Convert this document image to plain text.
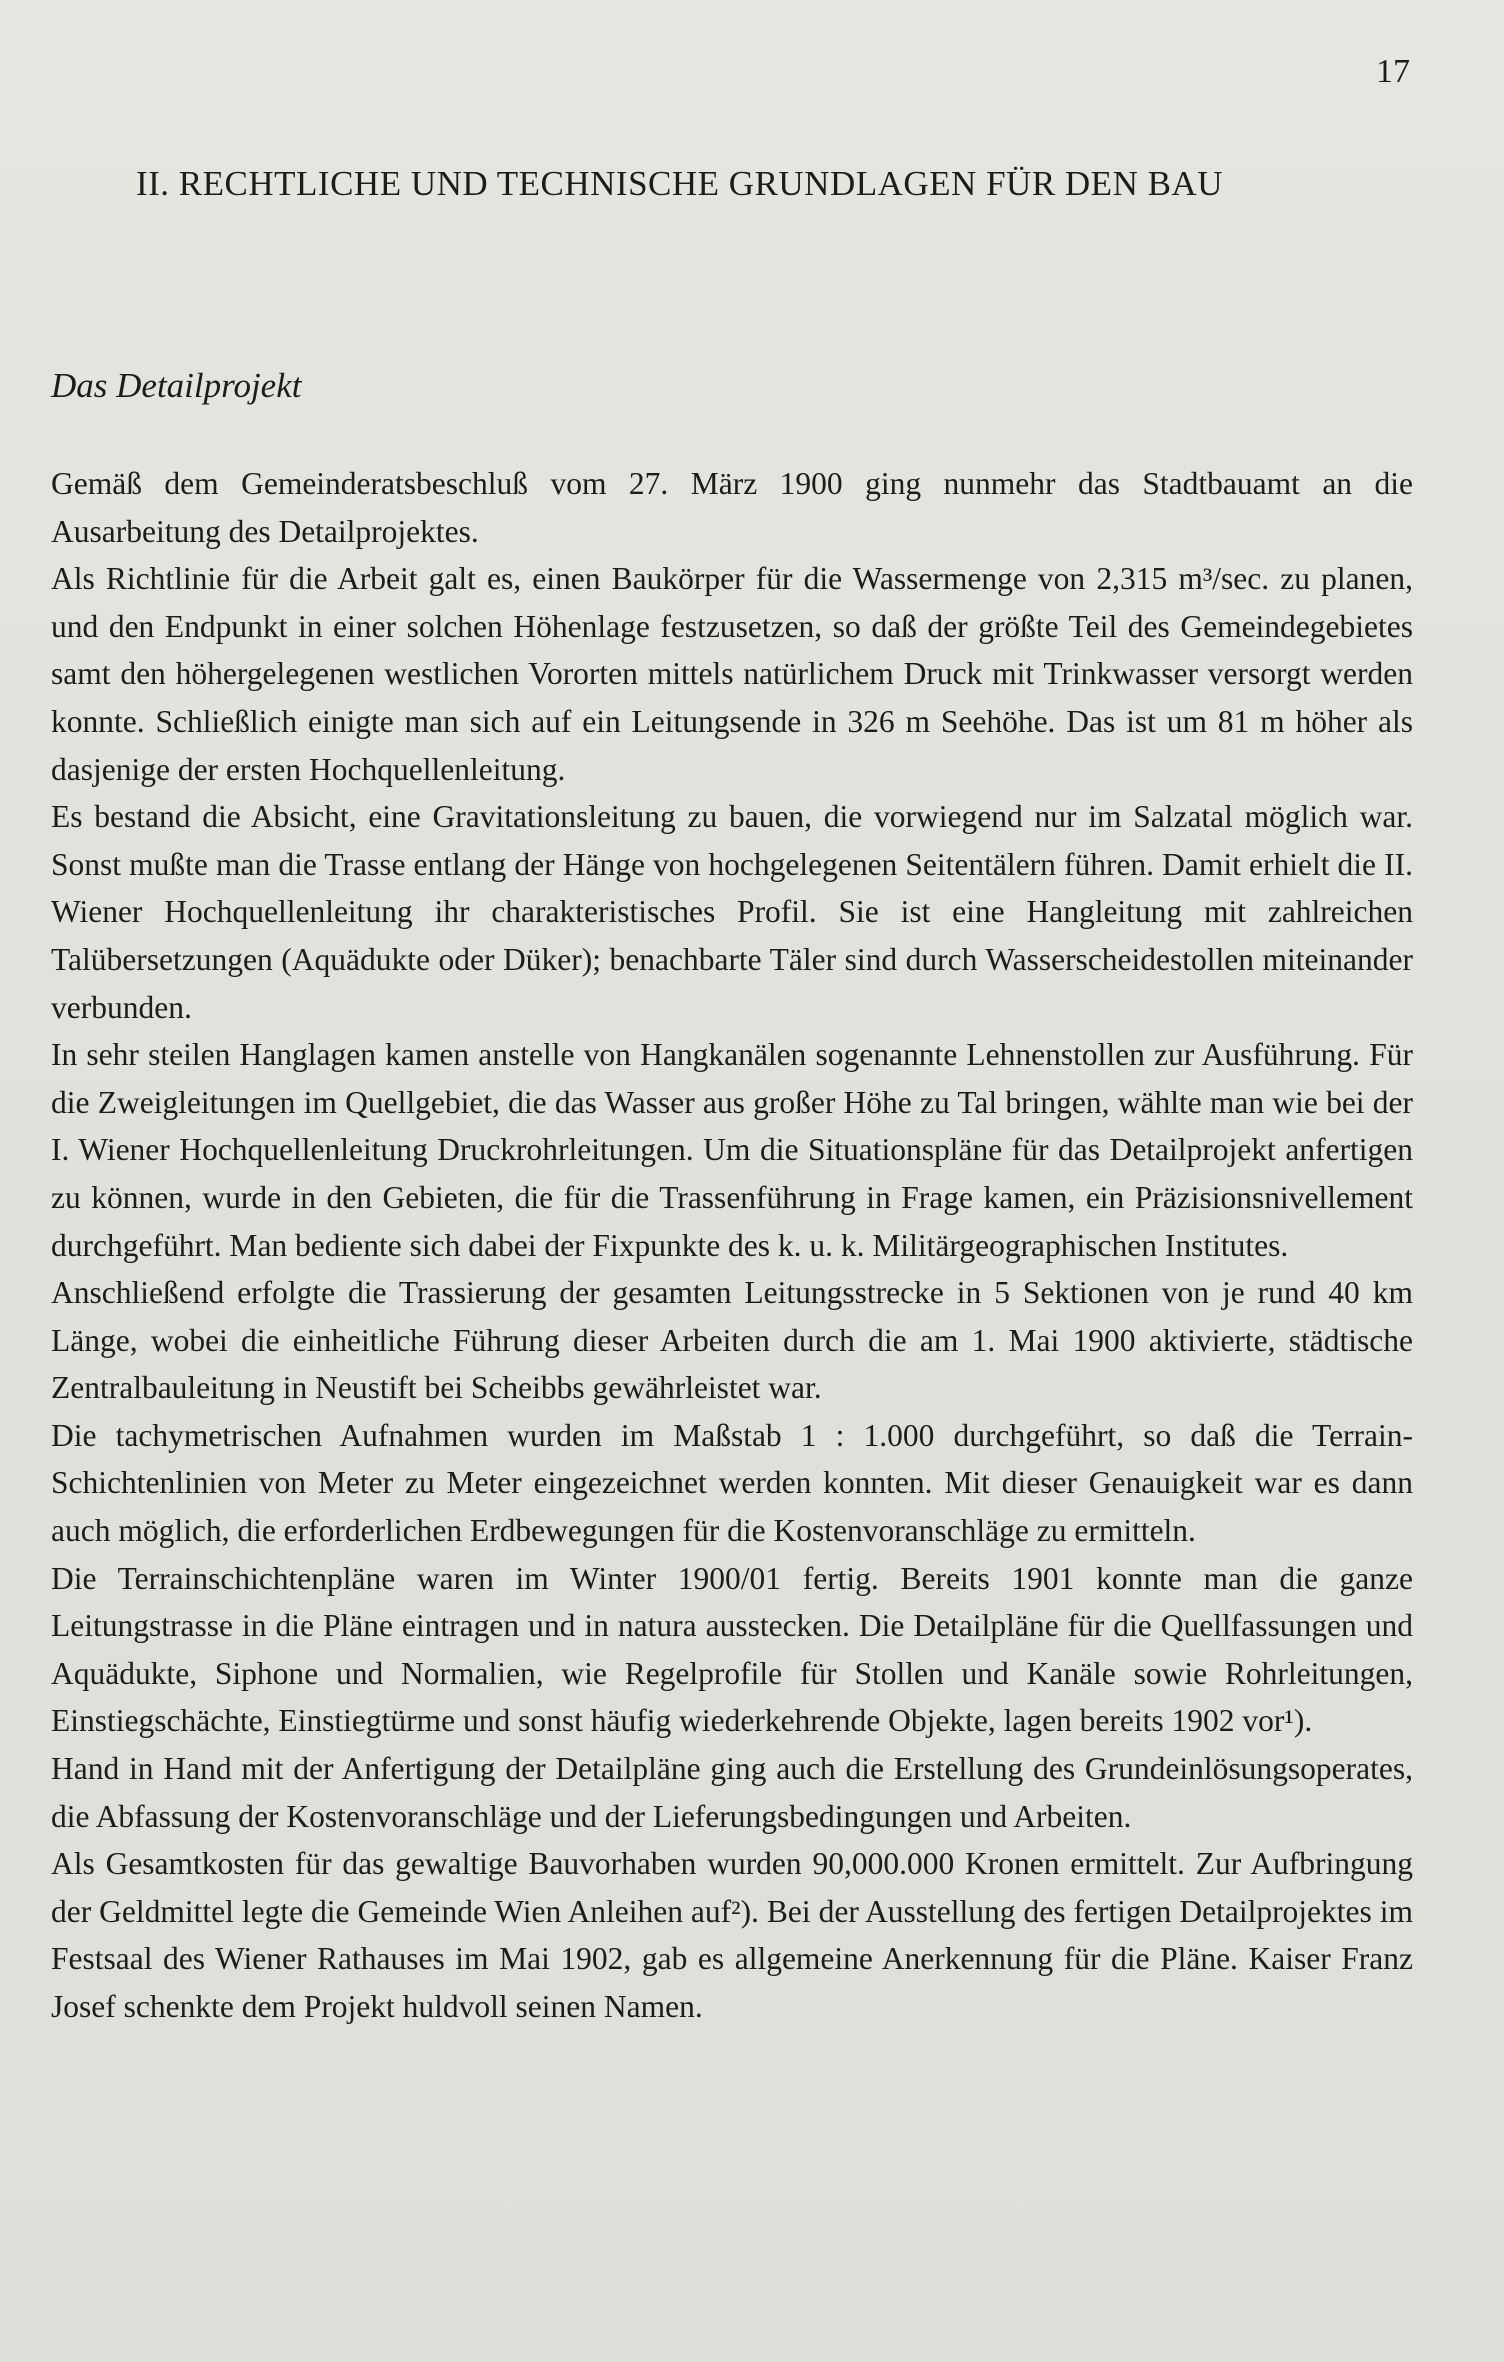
17

II. RECHTLICHE UND TECHNISCHE GRUNDLAGEN FÜR DEN BAU
Das Detailprojekt

Gemäß dem Gemeinderatsbeschluß vom 27. März 1900 ging nunmehr das Stadtbauamt an die Ausarbeitung des Detailprojektes.

Als Richtlinie für die Arbeit galt es, einen Baukörper für die Wassermenge von 2,315 m³/sec. zu planen, und den Endpunkt in einer solchen Höhenlage festzusetzen, so daß der größte Teil des Gemeindegebietes samt den höhergelegenen westlichen Vororten mittels natürlichem Druck mit Trinkwasser versorgt werden konnte. Schließlich einigte man sich auf ein Leitungsende in 326 m Seehöhe. Das ist um 81 m höher als dasjenige der ersten Hochquellenleitung.

Es bestand die Absicht, eine Gravitationsleitung zu bauen, die vorwiegend nur im Salzatal möglich war. Sonst mußte man die Trasse entlang der Hänge von hochgelegenen Seitentälern führen. Damit erhielt die II. Wiener Hochquellenleitung ihr charakteristisches Profil. Sie ist eine Hangleitung mit zahlreichen Talübersetzungen (Aquädukte oder Düker); benachbarte Täler sind durch Wasserscheidestollen miteinander verbunden.

In sehr steilen Hanglagen kamen anstelle von Hangkanälen sogenannte Lehnenstollen zur Ausführung. Für die Zweigleitungen im Quellgebiet, die das Wasser aus großer Höhe zu Tal bringen, wählte man wie bei der I. Wiener Hochquellenleitung Druckrohrleitungen. Um die Situationspläne für das Detailprojekt anfertigen zu können, wurde in den Gebieten, die für die Trassenführung in Frage kamen, ein Präzisionsnivellement durchgeführt. Man bediente sich dabei der Fixpunkte des k. u. k. Militärgeographischen Institutes.

Anschließend erfolgte die Trassierung der gesamten Leitungsstrecke in 5 Sektionen von je rund 40 km Länge, wobei die einheitliche Führung dieser Arbeiten durch die am 1. Mai 1900 aktivierte, städtische Zentralbauleitung in Neustift bei Scheibbs gewährleistet war.

Die tachymetrischen Aufnahmen wurden im Maßstab 1 : 1.000 durchgeführt, so daß die Terrain-Schichtenlinien von Meter zu Meter eingezeichnet werden konnten. Mit dieser Genauigkeit war es dann auch möglich, die erforderlichen Erdbewegungen für die Kostenvoranschläge zu ermitteln.

Die Terrainschichtenpläne waren im Winter 1900/01 fertig. Bereits 1901 konnte man die ganze Leitungstrasse in die Pläne eintragen und in natura ausstecken. Die Detailpläne für die Quellfassungen und Aquädukte, Siphone und Normalien, wie Regelprofile für Stollen und Kanäle sowie Rohrleitungen, Einstiegschächte, Einstiegtürme und sonst häufig wiederkehrende Objekte, lagen bereits 1902 vor¹).

Hand in Hand mit der Anfertigung der Detailpläne ging auch die Erstellung des Grundeinlösungsoperates, die Abfassung der Kostenvoranschläge und der Lieferungsbedingungen und Arbeiten.

Als Gesamtkosten für das gewaltige Bauvorhaben wurden 90,000.000 Kronen ermittelt. Zur Aufbringung der Geldmittel legte die Gemeinde Wien Anleihen auf²). Bei der Ausstellung des fertigen Detailprojektes im Festsaal des Wiener Rathauses im Mai 1902, gab es allgemeine Anerkennung für die Pläne. Kaiser Franz Josef schenkte dem Projekt huldvoll seinen Namen.
